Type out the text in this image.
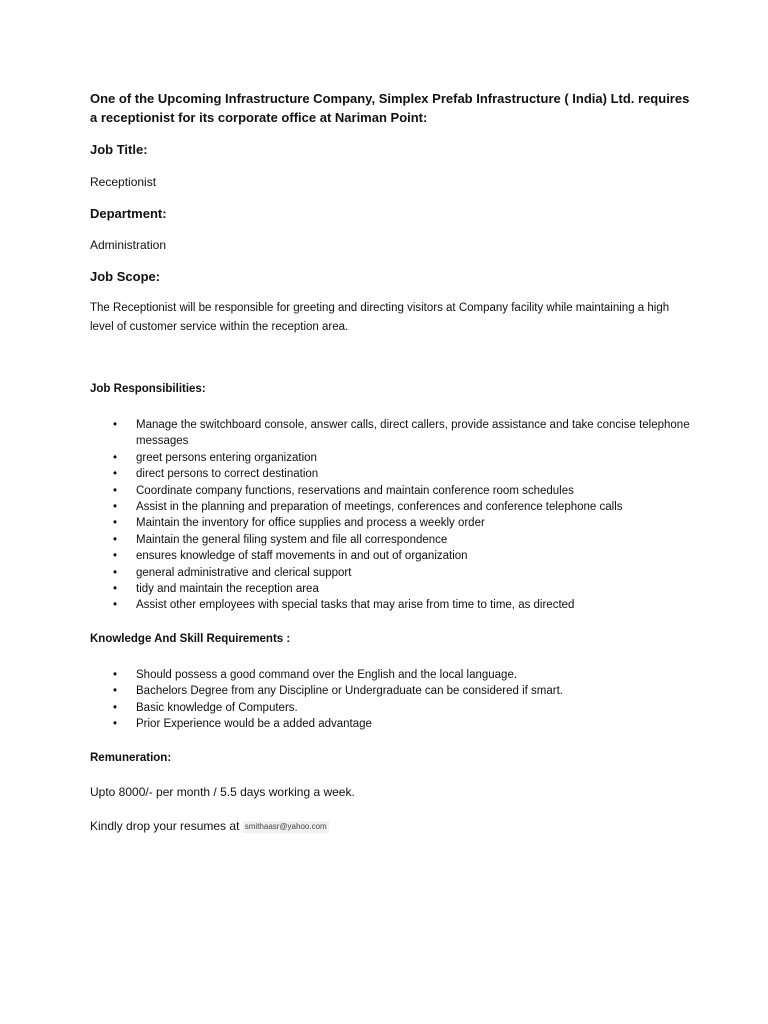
One of the Upcoming Infrastructure Company, Simplex Prefab Infrastructure ( India) Ltd. requires a receptionist for its corporate office at Nariman Point:
Job Title:
Receptionist
Department:
Administration
Job Scope:
The Receptionist will be responsible for greeting and directing visitors at Company facility while maintaining a high level of customer service within the reception area.
Job Responsibilities:
• Manage the switchboard console, answer calls, direct callers, provide assistance and take concise telephone messages
• greet persons entering organization
• direct persons to correct destination
• Coordinate company functions, reservations and maintain conference room schedules
• Assist in the planning and preparation of meetings, conferences and conference telephone calls
• Maintain the inventory for office supplies and process a weekly order
• Maintain the general filing system and file all correspondence
• ensures knowledge of staff movements in and out of organization
• general administrative and clerical support
• tidy and maintain the reception area
• Assist other employees with special tasks that may arise from time to time, as directed
Knowledge And Skill Requirements :
• Should possess a good command over the English and the local language.
• Bachelors Degree from any Discipline or Undergraduate can be considered if smart.
• Basic knowledge of Computers.
• Prior Experience would be a added advantage
Remuneration:
Upto 8000/- per month / 5.5 days working a week.
Kindly drop your resumes at smithaasr@yahoo.com
